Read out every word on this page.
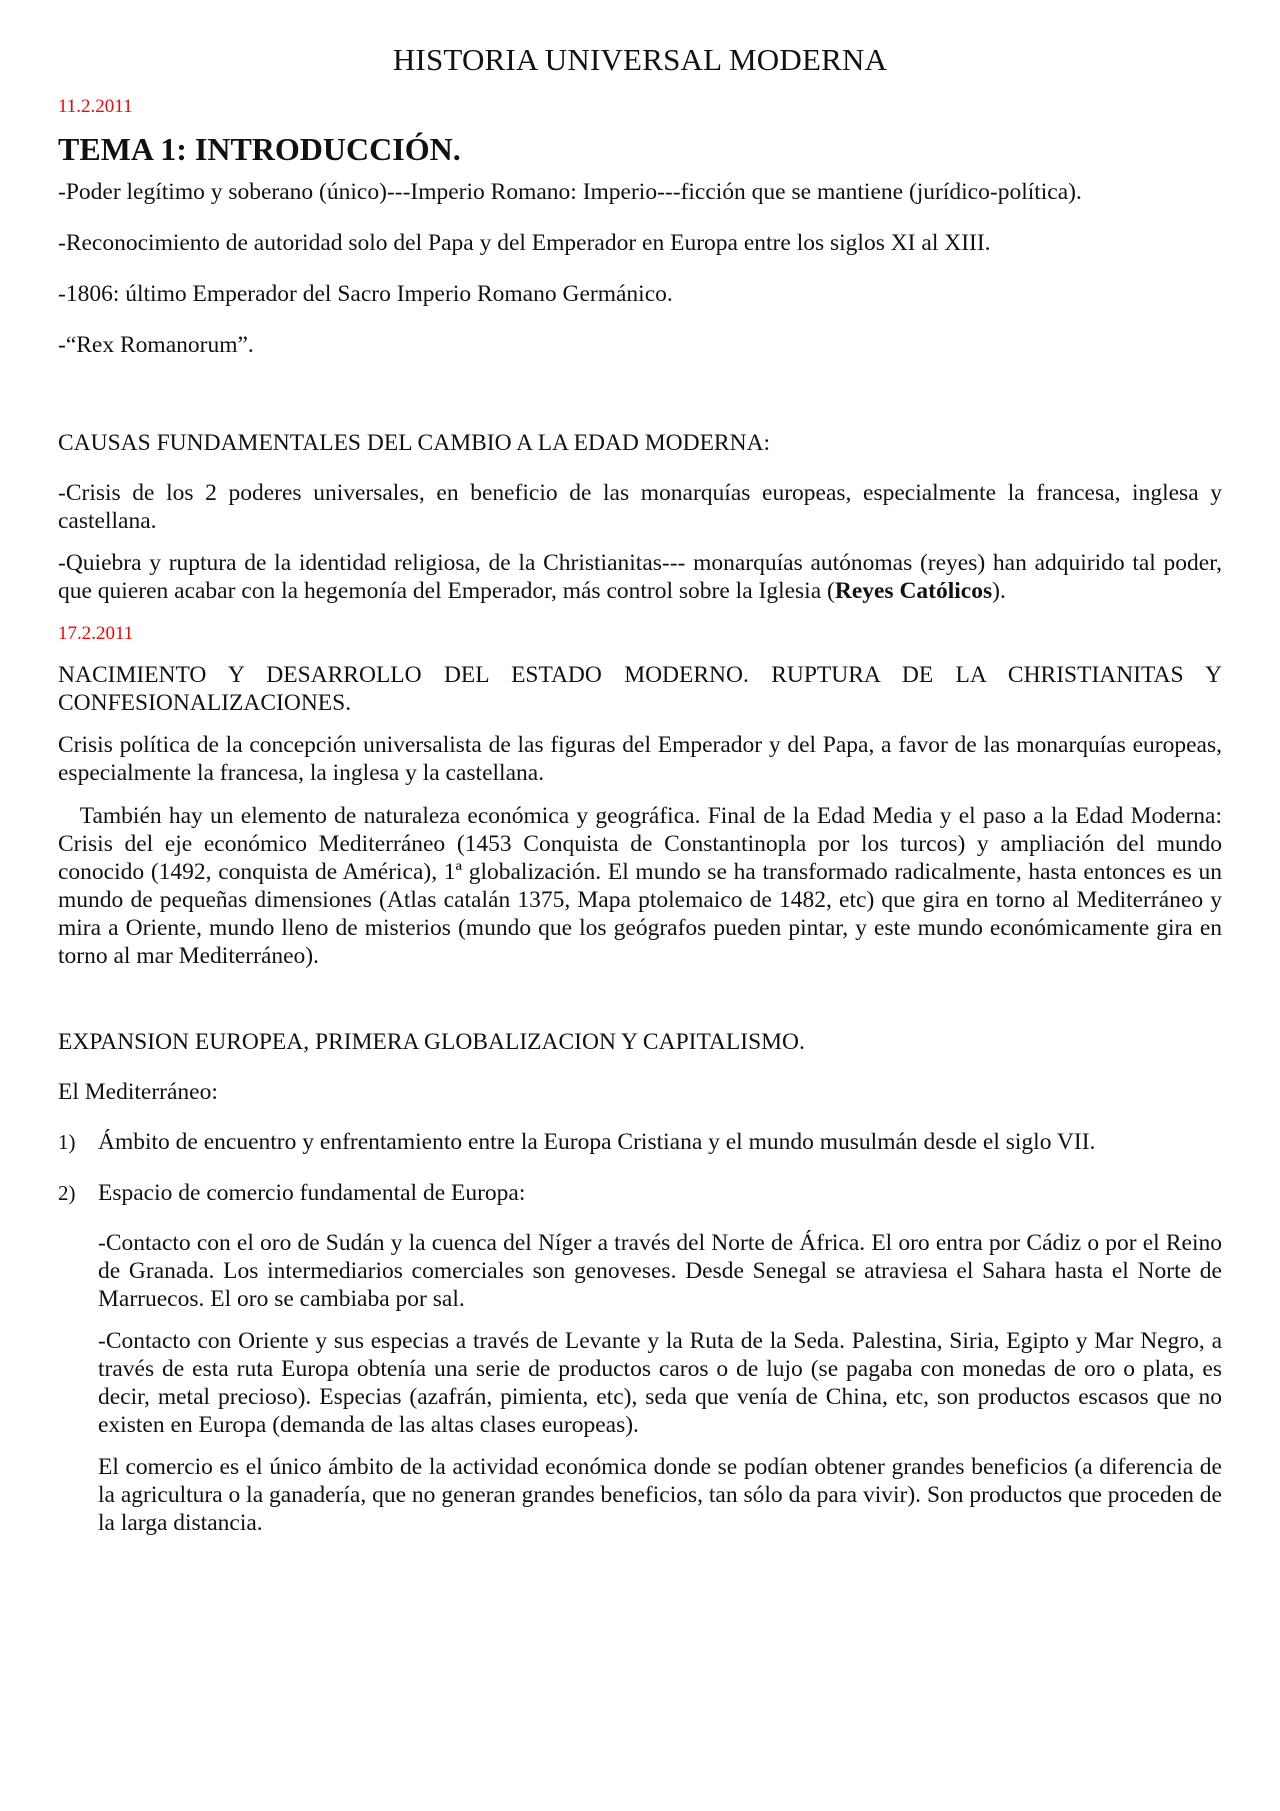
HISTORIA UNIVERSAL MODERNA
11.2.2011
TEMA 1: INTRODUCCIÓN.

-Poder legítimo y soberano (único)---Imperio Romano: Imperio---ficción que se mantiene (jurídico-política).

-Reconocimiento de autoridad solo del Papa y del Emperador en Europa entre los siglos XI al XIII.

-1806: último Emperador del Sacro Imperio Romano Germánico.

-“Rex Romanorum”.

CAUSAS FUNDAMENTALES DEL CAMBIO A LA EDAD MODERNA:

-Crisis de los 2 poderes universales, en beneficio de las monarquías europeas, especialmente la francesa, inglesa y castellana.

-Quiebra y ruptura de la identidad religiosa, de la Christianitas--- monarquías autónomas (reyes) han adquirido tal poder, que quieren acabar con la hegemonía del Emperador, más control sobre la Iglesia (Reyes Católicos).

17.2.2011

NACIMIENTO Y DESARROLLO DEL ESTADO MODERNO. RUPTURA DE LA CHRISTIANITAS Y CONFESIONALIZACIONES.

Crisis política de la concepción universalista de las figuras del Emperador y del Papa, a favor de las monarquías europeas, especialmente la francesa, la inglesa y la castellana.

También hay un elemento de naturaleza económica y geográfica. Final de la Edad Media y el paso a la Edad Moderna: Crisis del eje económico Mediterráneo (1453 Conquista de Constantinopla por los turcos) y ampliación del mundo conocido (1492, conquista de América), 1ª globalización. El mundo se ha transformado radicalmente, hasta entonces es un mundo de pequeñas dimensiones (Atlas catalán 1375, Mapa ptolemaico de 1482, etc) que gira en torno al Mediterráneo y mira a Oriente, mundo lleno de misterios (mundo que los geógrafos pueden pintar, y este mundo económicamente gira en torno al mar Mediterráneo).

EXPANSION EUROPEA, PRIMERA GLOBALIZACION Y CAPITALISMO.

El Mediterráneo:

1) Ámbito de encuentro y enfrentamiento entre la Europa Cristiana y el mundo musulmán desde el siglo VII.
2) Espacio de comercio fundamental de Europa:

-Contacto con el oro de Sudán y la cuenca del Níger a través del Norte de África. El oro entra por Cádiz o por el Reino de Granada. Los intermediarios comerciales son genoveses. Desde Senegal se atraviesa el Sahara hasta el Norte de Marruecos. El oro se cambiaba por sal.

-Contacto con Oriente y sus especias a través de Levante y la Ruta de la Seda. Palestina, Siria, Egipto y Mar Negro, a través de esta ruta Europa obtenía una serie de productos caros o de lujo (se pagaba con monedas de oro o plata, es decir, metal precioso). Especias (azafrán, pimienta, etc), seda que venía de China, etc, son productos escasos que no existen en Europa (demanda de las altas clases europeas).

El comercio es el único ámbito de la actividad económica donde se podían obtener grandes beneficios (a diferencia de la agricultura o la ganadería, que no generan grandes beneficios, tan sólo da para vivir). Son productos que proceden de la larga distancia.
